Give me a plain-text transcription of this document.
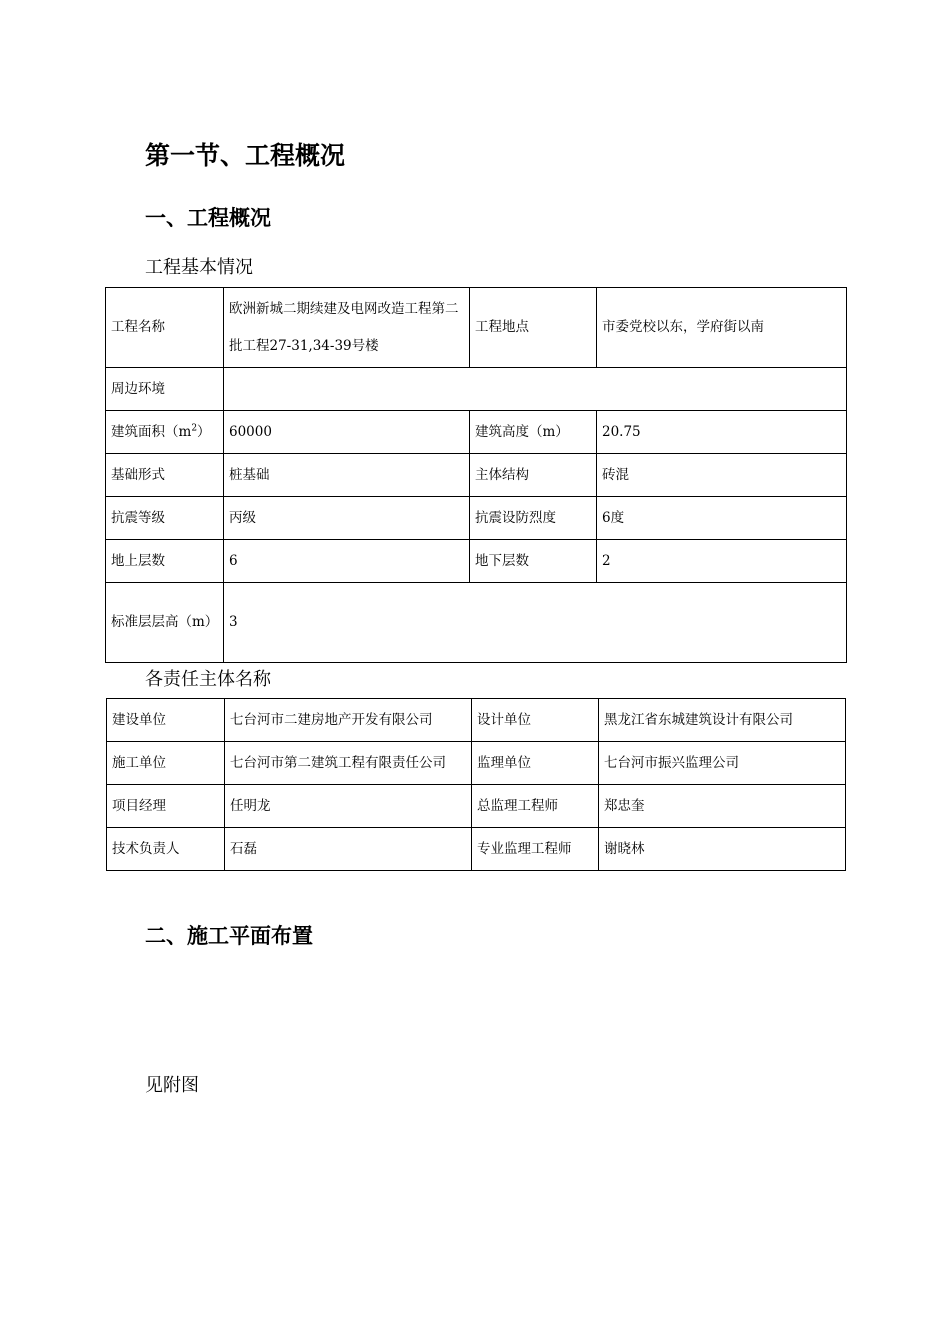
第一节、工程概况
一、工程概况

工程基本情况

工程名称	欧洲新城二期续建及电网改造工程第二批工程27-31,34-39号楼	工程地点	市委党校以东，学府街以南
周边环境			
建筑面积$(m^2)$	60000	建筑高度（m）	20.75
基础形式	桩基础	主体结构	砖混
抗震等级	丙级	抗震设防烈度	6度
地上层数	6	地下层数	2
标准层层高（m）	3		

各责任主体名称

建设单位	七台河市二建房地产开发有限公司	设计单位	黑龙江省东城建筑设计有限公司
施工单位	七台河市第二建筑工程有限责任公司	监理单位	七台河市振兴监理公司
项目经理	任明龙	总监理工程师	郑忠奎
技术负责人	石磊	专业监理工程师	谢晓林
二、施工平面布置

见附图
